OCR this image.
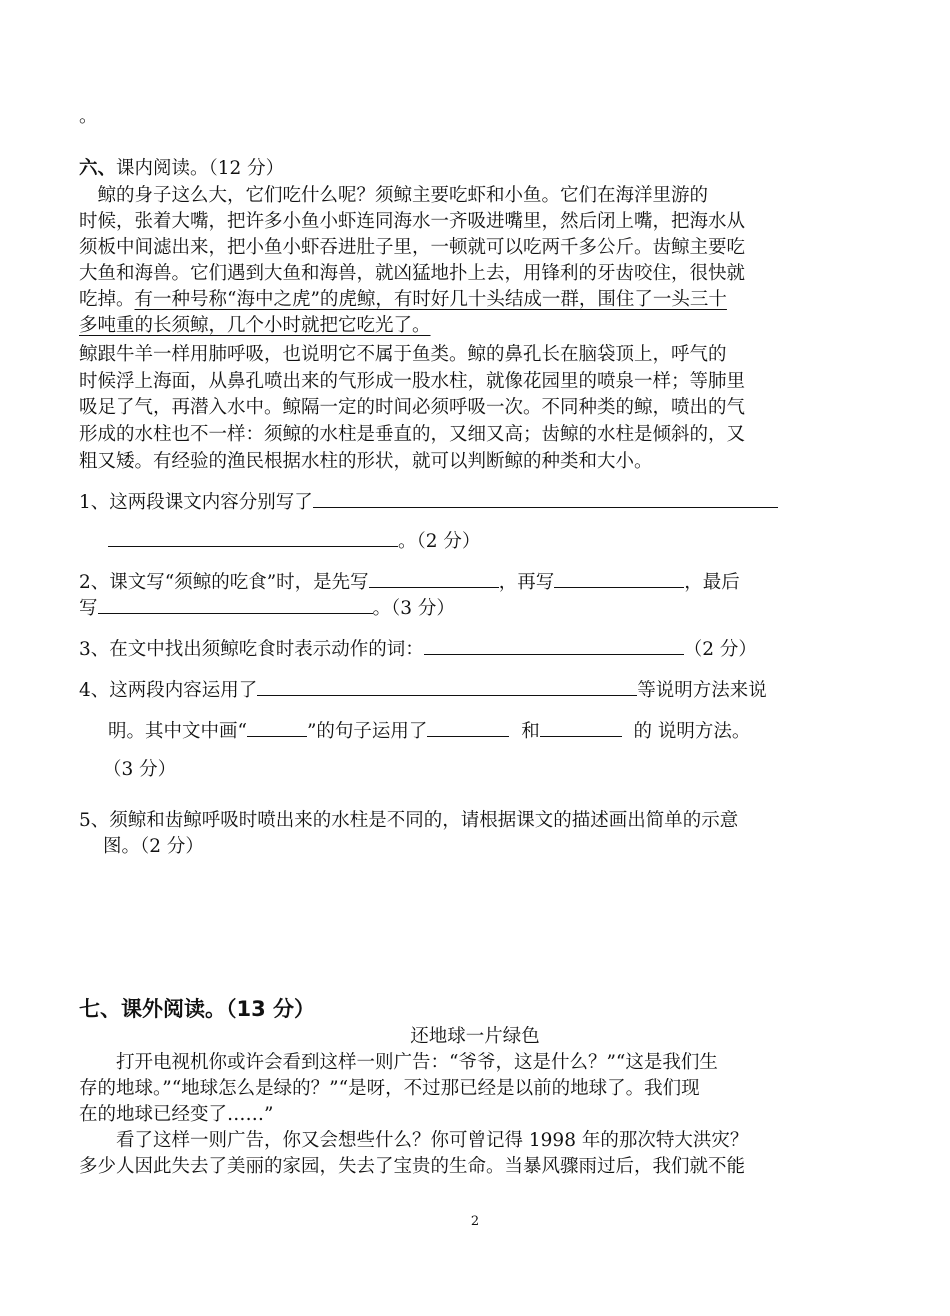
。
六、课内阅读。（12 分）
　鲸的身子这么大，它们吃什么呢？须鲸主要吃虾和小鱼。它们在海洋里游的
时候，张着大嘴，把许多小鱼小虾连同海水一齐吸进嘴里，然后闭上嘴，把海水从
须板中间滤出来，把小鱼小虾吞进肚子里，一顿就可以吃两千多公斤。齿鲸主要吃
大鱼和海兽。它们遇到大鱼和海兽，就凶猛地扑上去，用锋利的牙齿咬住，很快就
吃掉。有一种号称“海中之虎”的虎鲸，有时好几十头结成一群，围住了一头三十
多吨重的长须鲸，几个小时就把它吃光了。
鲸跟牛羊一样用肺呼吸，也说明它不属于鱼类。鲸的鼻孔长在脑袋顶上，呼气的
时候浮上海面，从鼻孔喷出来的气形成一股水柱，就像花园里的喷泉一样；等肺里
吸足了气，再潜入水中。鲸隔一定的时间必须呼吸一次。不同种类的鲸，喷出的气
形成的水柱也不一样：须鲸的水柱是垂直的，又细又高；齿鲸的水柱是倾斜的，又
粗又矮。有经验的渔民根据水柱的形状，就可以判断鲸的种类和大小。
1、这两段课文内容分别写了
。（2 分）
2、课文写“须鲸的吃食”时，是先写	，再写	，最后
写	。（3 分）
3、在文中找出须鲸吃食时表示动作的词：	（2 分）
4、这两段内容运用了	等说明方法来说
明。其中文中画“	”的句子运用了	和	的 说明方法。
（3 分）
5、须鲸和齿鲸呼吸时喷出来的水柱是不同的，请根据课文的描述画出简单的示意
图。（2 分）
七、课外阅读。（13 分）
还地球一片绿色
　　打开电视机你或许会看到这样一则广告：“爷爷，这是什么？”“这是我们生
存的地球。”“地球怎么是绿的？”“是呀，不过那已经是以前的地球了。我们现
在的地球已经变了……”
　　看了这样一则广告，你又会想些什么？你可曾记得 1998 年的那次特大洪灾？
多少人因此失去了美丽的家园，失去了宝贵的生命。当暴风骤雨过后，我们就不能
2
